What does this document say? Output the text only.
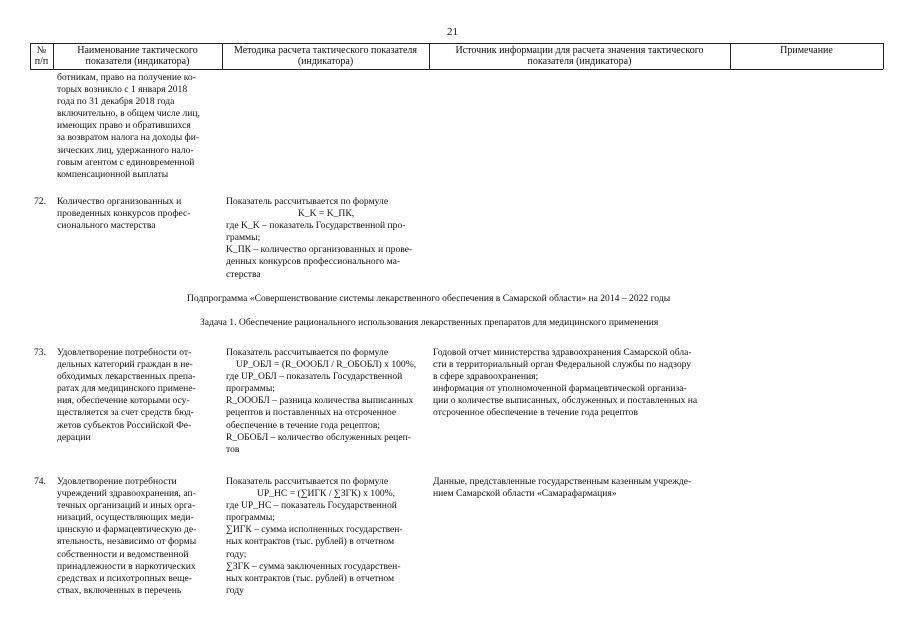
21
№
п/п
Наименование тактического
показателя (индикатора)
Методика расчета тактического показателя
(индикатора)
Источник информации для расчета значения тактического
показателя (индикатора)
Примечание

ботникам, право на получение ко-

торых возникло с 1 января 2018

года по 31 декабря 2018 года

включительно, в общем числе лиц,

имеющих право и обратившихся

за возвратом налога на доходы фи-

зических лиц, удержанного нало-

говым агентом с единовременной

компенсационной выплаты

72. Количество организованных и

проведенных конкурсов профес-

сионального мастерства

Показатель рассчитывается по формуле

K_K = K_ПК,

где K_K – показатель Государственной про-

граммы;

K_ПК – количество организованных и прове-

денных конкурсов профессионального ма-

стерства

Подпрограмма «Совершенствование системы лекарственного обеспечения в Самарской области» на 2014 – 2022 годы
Задача 1. Обеспечение рационального использования лекарственных препаратов для медицинского применения
73. Удовлетворение потребности от-

дельных категорий граждан в не-

обходимых лекарственных препа-

ратах для медицинского примене-

ния, обеспечение которыми осу-

ществляется за счет средств бюд-

жетов субъектов Российской Фе-

дерации

Показатель рассчитывается по формуле

UP_ОБЛ = (R_ОООБЛ / R_ОБОБЛ) х 100%,

где UP_ОБЛ – показатель Государственной

программы;

R_ОООБЛ – разница количества выписанных

рецептов и поставленных на отсроченное

обеспечение в течение года рецептов;

R_ОБОБЛ – количество обслуженных рецеп-

тов

Годовой отчет министерства здравоохранения Самарской обла-

сти в территориальный орган Федеральной службы по надзору

в сфере здравоохранения;

информация от уполномоченной фармацевтической организа-

ции о количестве выписанных, обслуженных и поставленных на

отсроченное обеспечение в течение года рецептов

74. Удовлетворение потребности

учреждений здравоохранения, ап-

течных организаций и иных орга-

низаций, осуществляющих меди-

цинскую и фармацевтическую де-

ятельность, независимо от формы

собственности и ведомственной

принадлежности в наркотических

средствах и психотропных веще-

ствах, включенных в перечень

Показатель рассчитывается по формуле

UP_НС = (∑ИГК / ∑ЗГК) х 100%,

где UP_НС – показатель Государственной

программы;

∑ИГК – сумма исполненных государствен-

ных контрактов (тыс. рублей) в отчетном

году;

∑ЗГК – сумма заключенных государствен-

ных контрактов (тыс. рублей) в отчетном

году

Данные, представленные государственным казенным учрежде-

нием Самарской области «Самарафармация»
